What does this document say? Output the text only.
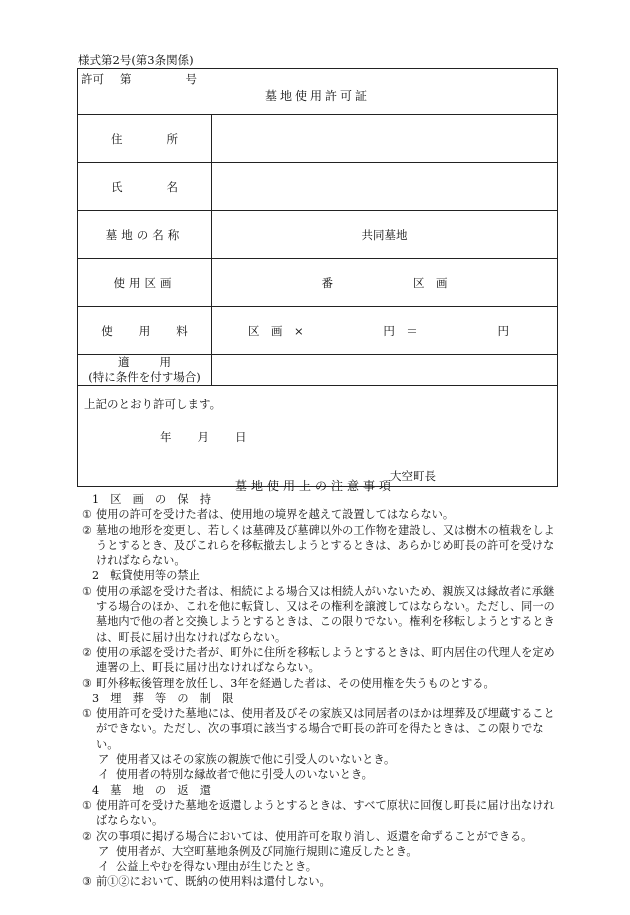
様式第2号(第3条関係)
許可 第 号
墓地使用許可証	

住 所	
氏 名	
墓地の名称	共同墓地
使用区画	番 区　画
使 用 料	区　画　× 円　＝ 円

適 用
(特に条件を付す場合)	

上記のとおり許可します。
年 月 日
大空町長	
墓地使用上の注意事項
1　区　画　の　保　持
① 使用の許可を受けた者は、使用地の境界を越えて設置してはならない。
② 墓地の地形を変更し、若しくは墓碑及び墓碑以外の工作物を建設し、又は樹木の植栽をしようとするとき、及びこれらを移転撤去しようとするときは、あらかじめ町長の許可を受けなければならない。
2　転貸使用等の禁止
① 使用の承認を受けた者は、相続による場合又は相続人がいないため、親族又は縁故者に承継する場合のほか、これを他に転貸し、又はその権利を譲渡してはならない。ただし、同一の墓地内で他の者と交換しようとするときは、この限りでない。権利を移転しようとするときは、町長に届け出なければならない。
② 使用の承認を受けた者が、町外に住所を移転しようとするときは、町内居住の代理人を定め連署の上、町長に届け出なければならない。
③ 町外移転後管理を放任し、3年を経過した者は、その使用権を失うものとする。
3　埋　葬　等　の　制　限
① 使用許可を受けた墓地には、使用者及びその家族又は同居者のほかは埋葬及び埋蔵することができない。ただし、次の事項に該当する場合で町長の許可を得たときは、この限りでない。
ア 使用者又はその家族の親族で他に引受人のいないとき。
イ 使用者の特別な縁故者で他に引受人のいないとき。
4　墓　地　の　返　還
① 使用許可を受けた墓地を返還しようとするときは、すべて原状に回復し町長に届け出なければならない。
② 次の事項に掲げる場合においては、使用許可を取り消し、返還を命ずることができる。
ア 使用者が、大空町墓地条例及び同施行規則に違反したとき。
イ 公益上やむを得ない理由が生じたとき。
③ 前①②において、既納の使用料は還付しない。
